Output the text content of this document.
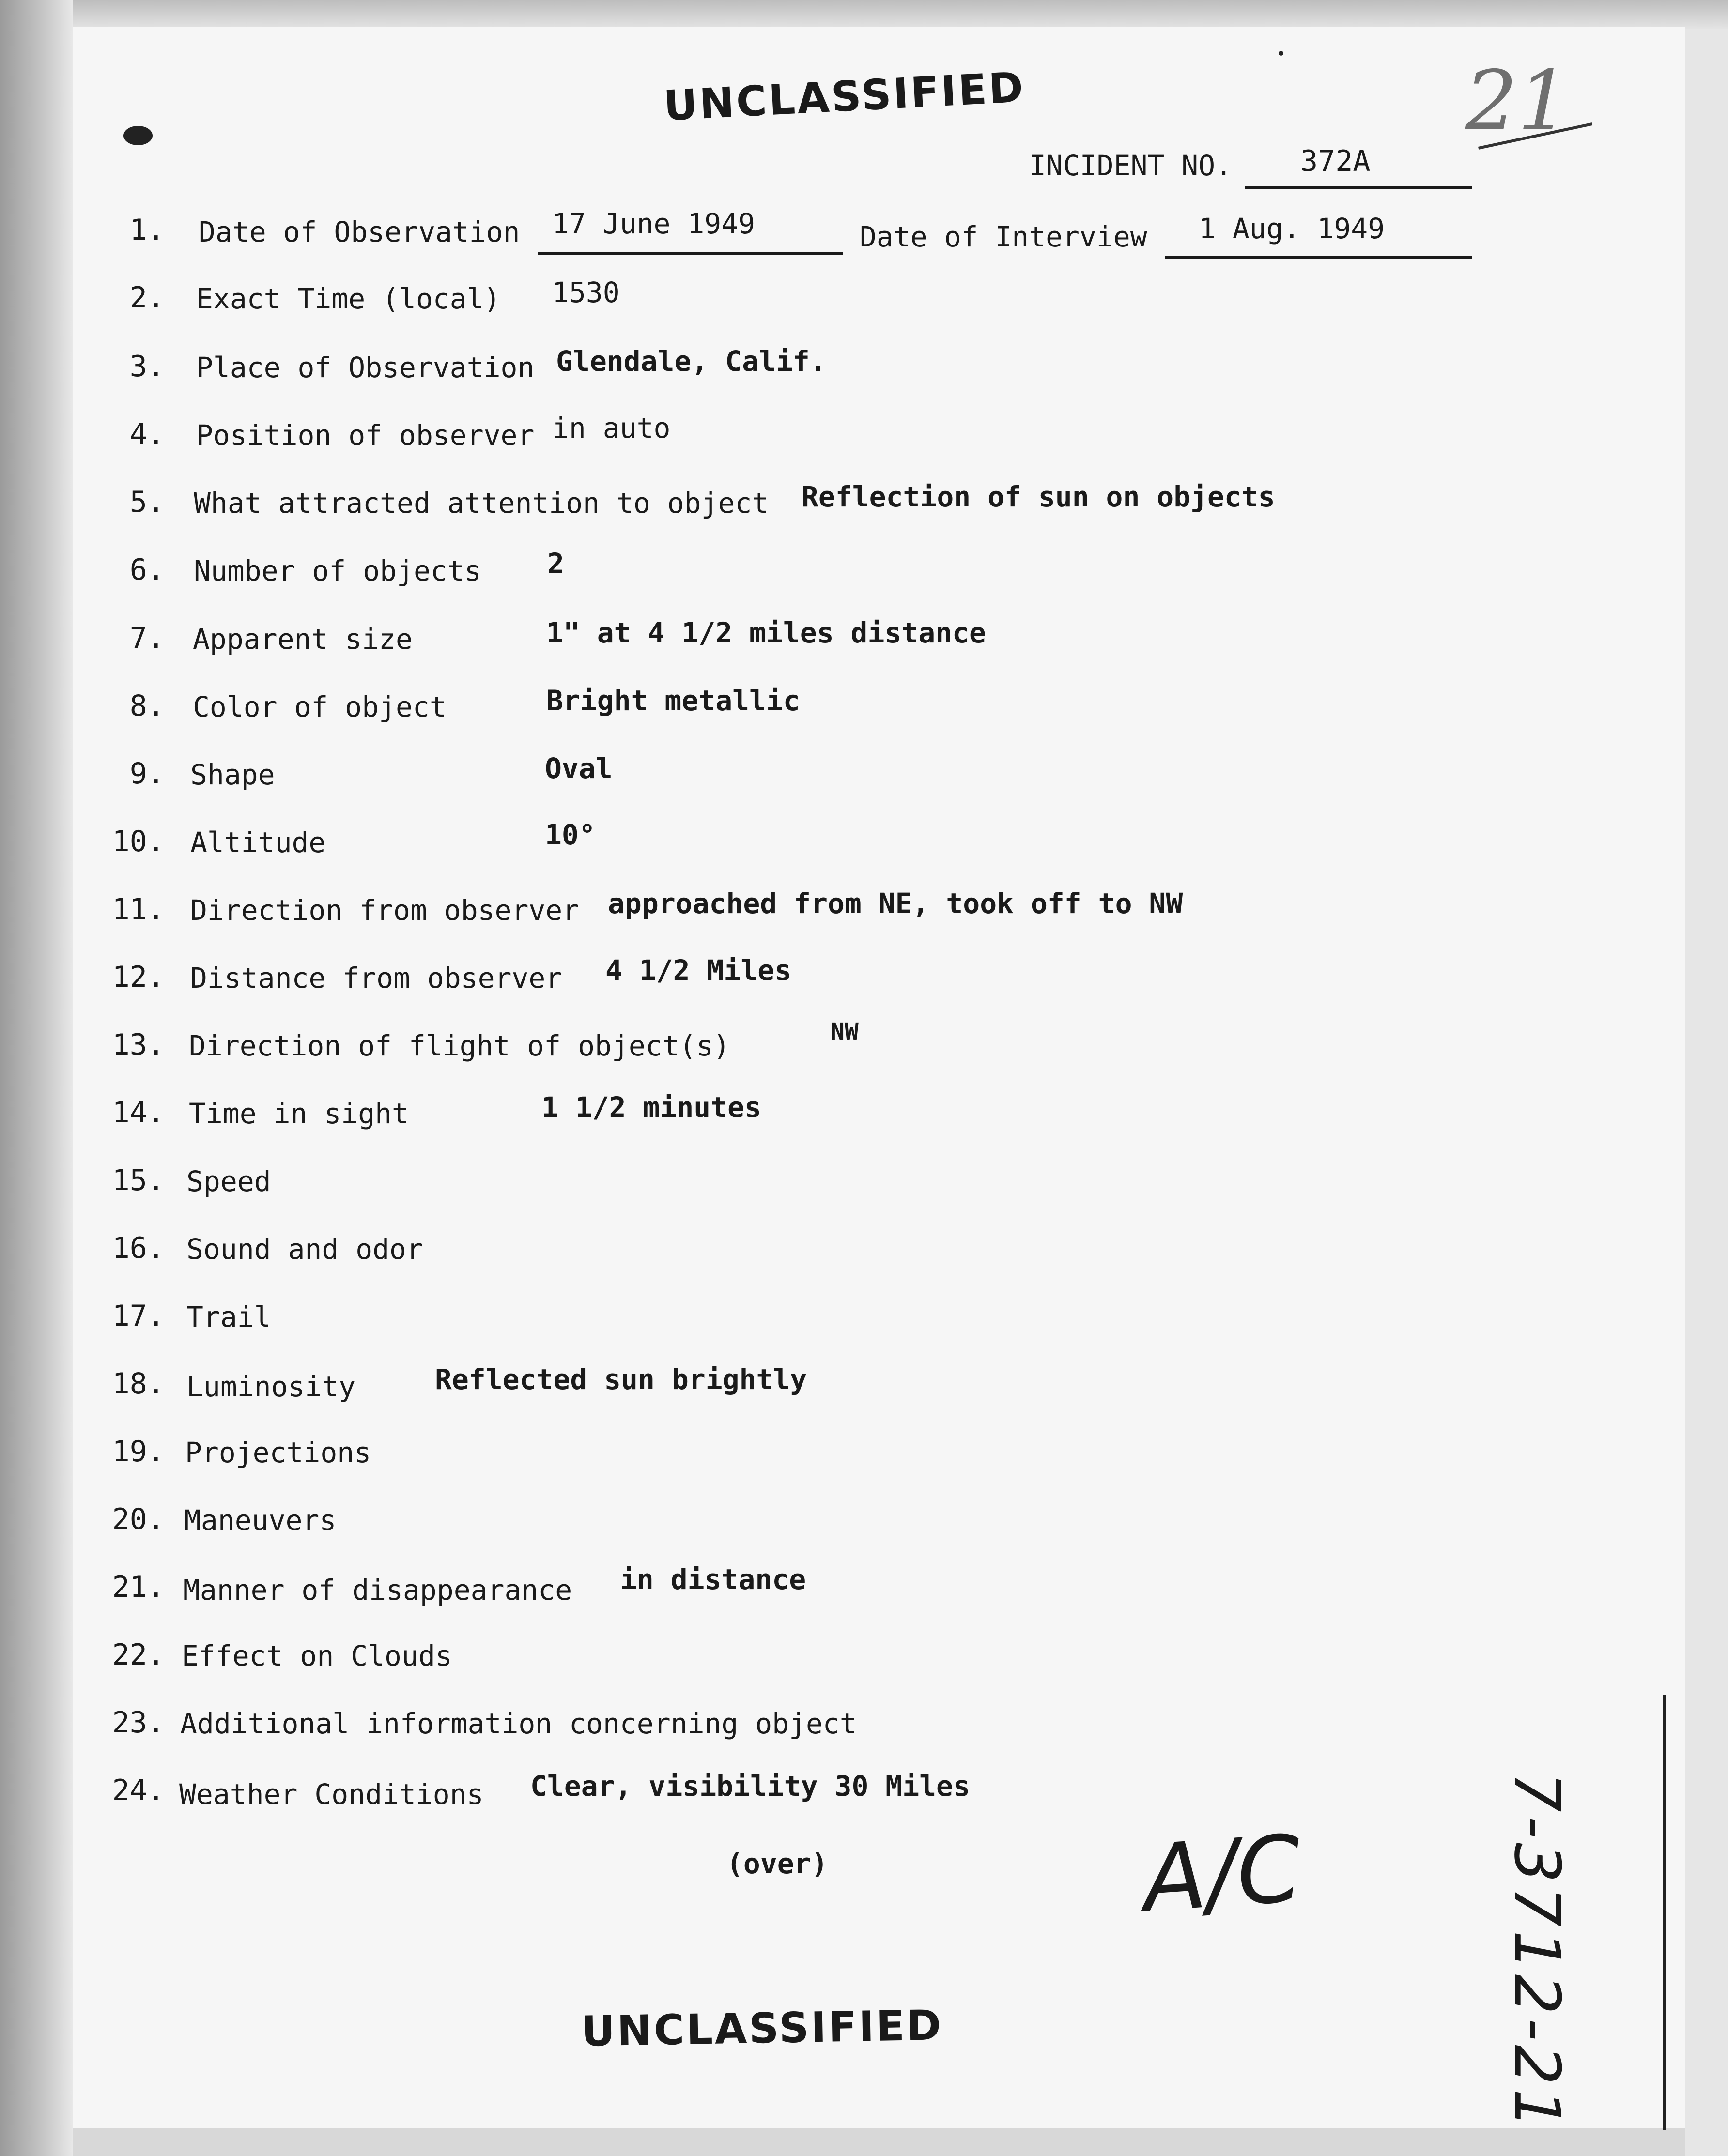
UNCLASSIFIED	21
INCIDENT NO.	372A
1. Date of Observation 17 June 1949	Date of Interview 1 Aug. 1949
2. Exact Time (local) 1530
3. Place of Observation Glendale, Calif.
4. Position of observer in auto
5. What attracted attention to object Reflection of sun on objects
6. Number of objects 2
7. Apparent size	1" at 4 1/2 miles distance
8. Color of object	Bright metallic
9. Shape	Oval
10. Altitude	10°
11. Direction from observer approached from NE, took off to NW
12. Distance from observer 4 1/2 Miles
13. Direction of flight of object(s)	NW
14. Time in sight	1 1/2 minutes
15. Speed
16. Sound and odor
17. Trail
18. Luminosity	Reflected sun brightly
19. Projections
20. Maneuvers
21. Manner of disappearance in distance
22. Effect on Clouds
23. Additional information concerning object
24. Weather Conditions Clear, visibility 30 Miles
(over)	A/C	7-3712-21
UNCLASSIFIED
